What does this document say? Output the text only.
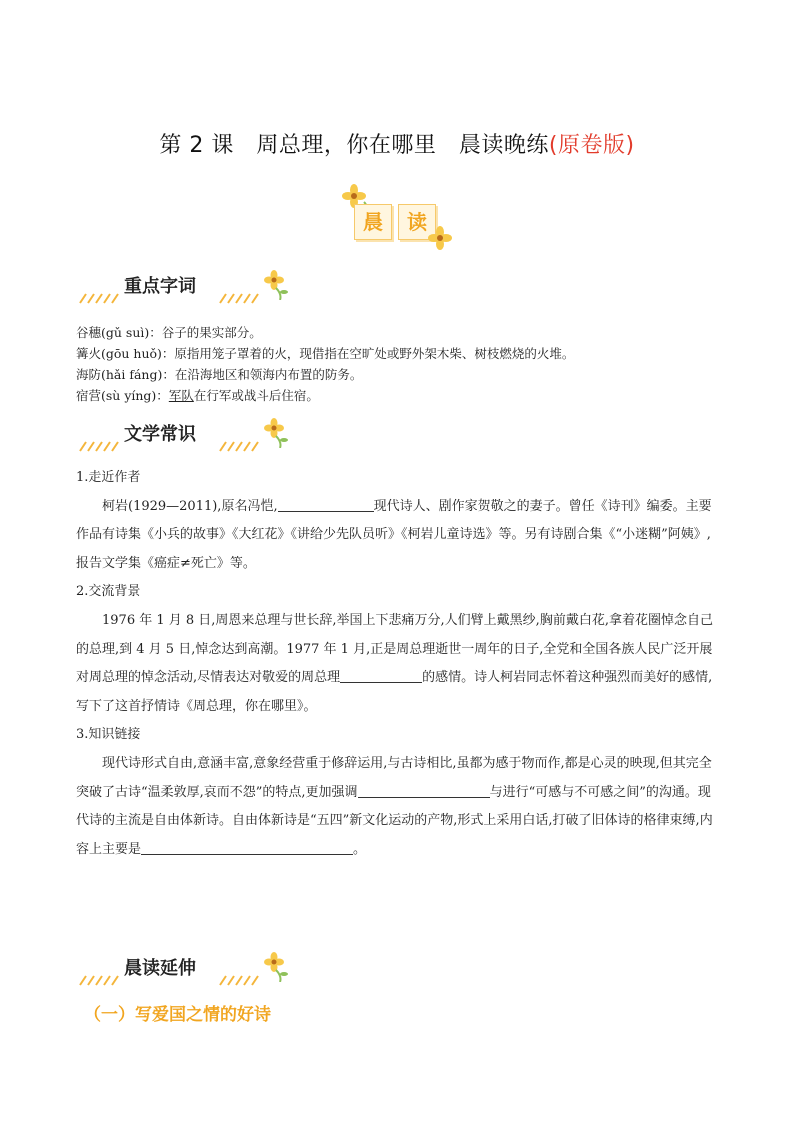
第 2 课　周总理，你在哪里　晨读晚练(原卷版)
晨	读
重点字词
谷穗(gǔ suì)：谷子的果实部分。
篝火(gōu huǒ)：原指用笼子罩着的火，现借指在空旷处或野外架木柴、树枝燃烧的火堆。
海防(hǎi fáng)：在沿海地区和领海内布置的防务。
宿营(sù yíng)：军队在行军或战斗后住宿。
文学常识
1.走近作者
柯岩(1929—2011),原名冯恺,	现代诗人、剧作家贺敬之的妻子。曾任《诗刊》编委。主要作品有诗集《小兵的故事》《大红花》《讲给少先队员听》《柯岩儿童诗选》等。另有诗剧合集《“小迷糊”阿姨》,报告文学集《癌症≠死亡》等。
2.交流背景
1976 年 1 月 8 日,周恩来总理与世长辞,举国上下悲痛万分,人们臂上戴黑纱,胸前戴白花,拿着花圈悼念自己的总理,到 4 月 5 日,悼念达到高潮。1977 年 1 月,正是周总理逝世一周年的日子,全党和全国各族人民广泛开展对周总理的悼念活动,尽情表达对敬爱的周总理	的感情。诗人柯岩同志怀着这种强烈而美好的感情,写下了这首抒情诗《周总理，你在哪里》。
3.知识链接
现代诗形式自由,意涵丰富,意象经营重于修辞运用,与古诗相比,虽都为感于物而作,都是心灵的映现,但其完全突破了古诗“温柔敦厚,哀而不怨”的特点,更加强调	与进行“可感与不可感之间”的沟通。现代诗的主流是自由体新诗。自由体新诗是“五四”新文化运动的产物,形式上采用白话,打破了旧体诗的格律束缚,内容上主要是	。
晨读延伸
（一）写爱国之情的好诗
